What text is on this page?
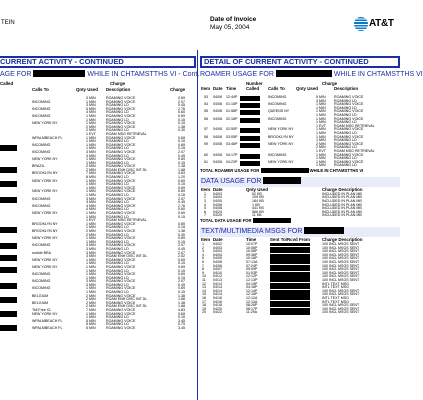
TEIN	Date of Invoice
May 05, 2004	AT&T
CURRENT ACTIVITY - CONTINUED
AGE FOR	WHILE IN CHTAMSTTHS VI - Cont.
Called	Charge
Calls To	Qnty Used Description	Charge
3 MIN	ROAMING VOICE	0.69
INCOMING	1 MIN	ROAMING VOICE	2.07
3 MIN	ROAMING LD	0.45
INCOMING	5 MIN	ROAMING VOICE	2.76
4 MIN	ROAMING LD	0.60
INCOMING	1 MIN	ROAMING VOICE	0.69
1 MIN	ROAMING LD	0.15
NEW YORK NY	1 MIN	ROAMING VOICE	0.15
2 MIN	ROAMING VOICE	1.38
2 MIN	ROAMING LD	0.30
1 EVT	ROAM MSG RETRIEVAL
WPALMBEACH FL	1 MIN	ROAMING VOICE	0.69
1 MIN	ROAMING LD	0.15
INCOMING	1 MIN	ROAMING VOICE	0.69
1 MIN	ROAMING LD	0.15
INCOMING	3 MIN	ROAMING VOICE	2.07
3 MIN	ROAMING LD	0.45
NEW YORK NY	1 MIN	ROAMING VOICE	0.69
1 MIN	ROAMING LD	0.15
BRAZIL	2 MIN	ROAMING VOICE	1.38
2 MIN	ROAM ENH DISC INT DL	1.68
BROOKLYN NY	7 MIN	ROAMING VOICE	4.83
8 MIN	ROAMING LD	1.20
NEW YORK NY	1 MIN	ROAMING VOICE	0.69
1 MIN	ROAMING LD	0.15
1 MIN	ROAMING VOICE	0.69
NEW YORK NY	1 MIN	ROAMING VOICE	0.69
1 MIN	ROAMING LD	0.15
INCOMING	3 MIN	ROAMING VOICE	2.07
3 MIN	ROAMING LD	0.45
INCOMING	4 MIN	ROAMING VOICE	2.76
4 MIN	ROAMING LD	0.60
NEW YORK NY	1 MIN	ROAMING VOICE	0.69
1 MIN	ROAMING LD	0.15
1 EVT	ROAM MSG RETRIEVAL
BROOKLYN NY	1 MIN	ROAMING VOICE	0.69
1 MIN	ROAMING LD	0.15
BROOKLYN NY	2 MIN	ROAMING VOICE	1.38
2 MIN	ROAMING LD	0.30
NEW YORK NY	1 MIN	ROAMING VOICE	0.69
1 MIN	ROAMING LD	0.15
INCOMING	3 MIN	ROAMING VOICE	2.07
3 MIN	ROAMING LD	0.45
mobile BRA	3 MIN	ROAMING VOICE	2.07
3 MIN	ROAM ENH DISC INT DL	2.52
NEW YORK NY	1 MIN	ROAMING VOICE	0.69
1 MIN	ROAMING LD	0.15
NEW YORK NY	1 MIN	ROAMING VOICE	0.69
1 MIN	ROAMING LD	0.15
INCOMING	1 MIN	ROAMING VOICE	0.69
1 MIN	ROAMING LD	0.15
INCOMING	3 MIN	ROAMING VOICE	2.07
3 MIN	ROAMING LD	0.45
INCOMING	1 MIN	ROAMING VOICE	0.69
1 MIN	ROAMING LD	0.15
BELGIUM	2 MIN	ROAMING VOICE	1.38
2 MIN	ROAM ENH DISC INT DL	1.68
BELGIUM	2 MIN	ROAMING VOICE	1.38
2 MIN	ROAM ENH DISC INT DL	1.68
Toll Free CL	7 MIN	ROAMING VOICE	4.83
NEW YORK NY	1 MIN	ROAMING VOICE	0.69
1 MIN	ROAMING LD	0.15
WPALMBEACH FL	5 MIN	ROAMING VOICE	3.45
5 MIN	ROAMING LD	0.75
WPALMBEACH FL	5 MIN	ROAMING VOICE	3.45
DETAIL OF CURRENT ACTIVITY - CONTINUED
ROAMER USAGE FOR	WHILE IN CHTAMSTTHS VI
Number	Charge
Item Date Time Called Calls To	Qnty Used	Description
53 04/06 12:44P	INCOMING	5 MIN ROAMING VOICE
3 MIN ROAMING LD
54 04/08 01:15P	INCOMING	1 MIN ROAMING VOICE
1 MIN ROAMING LD
55 04/08 01:58P	QUEENS NY	1 MIN ROAMING VOICE
1 MIN ROAMING LD
56 04/08 02:16P	INCOMING	1 MIN ROAMING VOICE
1 MIN ROAMING LD
1 EVT ROAM MSG RETRIEVAL
57 04/08 02:50P	NEW YORK NY	1 MIN ROAMING VOICE
1 MIN ROAMING LD
58 04/08 03:05P	BROOKLYN NY	1 MIN ROAMING VOICE
1 MIN ROAMING LD
59 04/08 03:46P	NEW YORK NY	2 MIN ROAMING VOICE
2 MIN ROAMING LD
1 EVT ROAM MSG RETRIEVAL
60 04/08 04:17P	INCOMING	1 MIN ROAMING VOICE
1 MIN ROAMING LD
61 04/08 04:23P	NEW YORK NY	1 MIN ROAMING VOICE
1 MIN ROAMING LD
TOTAL ROAMER USAGE FOR	WHILE IN CHTAMSTTHS VI
DATA USAGE FOR
Item Date	Qnty Used	Charge Description
1 04/03	52 KB	INCLUDED IN PLAN MB
2 04/04	109 KB	INCLUDED IN PLAN MB
3 04/05	184 KB	INCLUDED IN PLAN MB
4 04/06	1 KB	INCLUDED IN PLAN MB
5 04/08	441 KB	INCLUDED IN PLAN MB
6 04/24	566 KB	INCLUDED IN PLAN MB
7 04/25	11 KB	INCLUDED IN PLAN MB
TOTAL DATA USAGE FOR
TEXT/MULTIMEDIA MSGS FOR
Item Date	Time	Sent To/Rcvd From	Charge Description
1	04/02	10:07P	100 INCL MSGS SENT
2	04/03	10:06P	100 INCL MSGS SENT
3	04/03	10:06P	100 INCL MSGS SENT
4	04/04	09:36P	100 INCL MSGS SENT
5	04/05	10:16P	100 INCL MSGS SENT
6	04/06	07:13A	100 INCL MSGS SENT
7	04/06	07:24P	100 INCL MSGS SENT
8	04/07	09:09P	100 INCL MSGS SENT
9	04/10	01:03P	100 INCL MSGS SENT
10 04/12	12:12P	100 INCL MSGS SENT
11 04/13	12:13P	100 INCL MSGS SENT
12 04/14	04:15P	INTL TEXT MSG
13 04/14	04:18P	INTL TEXT MSG
14 04/14	12:14P	100 INCL MSGS SENT
15 04/14	12:16P	100 INCL MSGS SENT
16 04/16	12:12A	INTL TEXT MSG
17 04/16	12:13A	INTL TEXT MSG
18 04/18	08:26P	100 INCL MSGS SENT
19 04/20	08:17P	100 INCL MSGS SENT
20 04/22	11:29A	100 INCL MSGS SENT
